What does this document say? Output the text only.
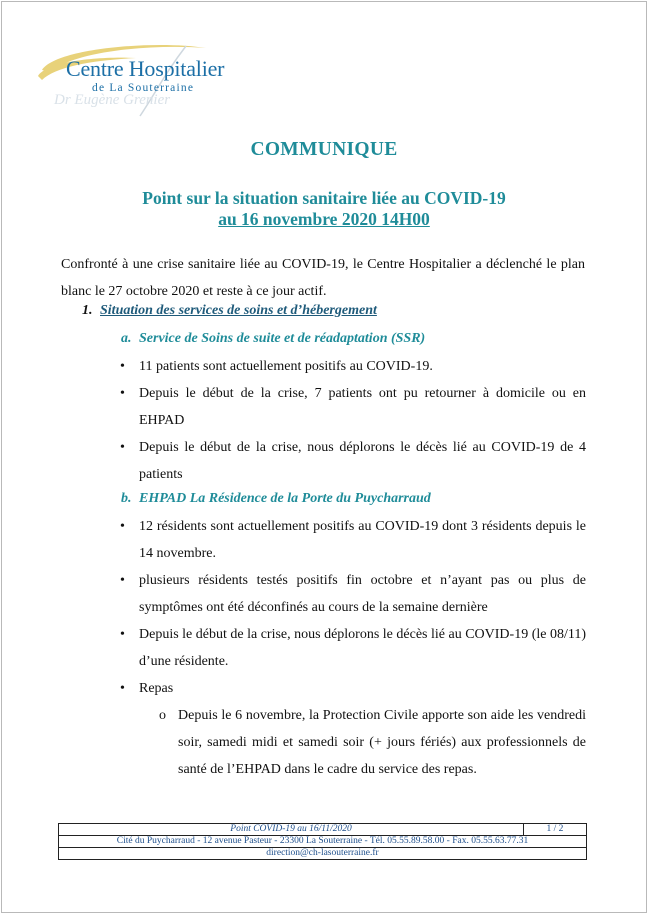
Centre Hospitalier
de La Souterraine
Dr Eugène Grenier
COMMUNIQUE
Point sur la situation sanitaire liée au COVID-19
au 16 novembre 2020 14H00
Confronté à une crise sanitaire liée au COVID-19, le Centre Hospitalier a déclenché le plan blanc le 27 octobre 2020 et reste à ce jour actif.
1. Situation des services de soins et d’hébergement
a. Service de Soins de suite et de réadaptation (SSR)
• 11 patients sont actuellement positifs au COVID-19.
• Depuis le début de la crise, 7 patients ont pu retourner à domicile ou en EHPAD
• Depuis le début de la crise, nous déplorons le décès lié au COVID-19 de 4 patients
b. EHPAD La Résidence de la Porte du Puycharraud
• 12 résidents sont actuellement positifs au COVID-19 dont 3 résidents depuis le 14 novembre.
• plusieurs résidents testés positifs fin octobre et n’ayant pas ou plus de symptômes ont été déconfinés au cours de la semaine dernière
• Depuis le début de la crise, nous déplorons le décès lié au COVID-19 (le 08/11) d’une résidente.
• Repas
o Depuis le 6 novembre, la Protection Civile apporte son aide les vendredi soir, samedi midi et samedi soir (+ jours fériés) aux professionnels de santé de l’EHPAD dans le cadre du service des repas.
Point COVID-19 au 16/11/2020	1 / 2
Cité du Puycharraud - 12 avenue Pasteur - 23300 La Souterraine - Tél. 05.55.89.58.00 - Fax. 05.55.63.77.31
direction@ch-lasouterraine.fr
